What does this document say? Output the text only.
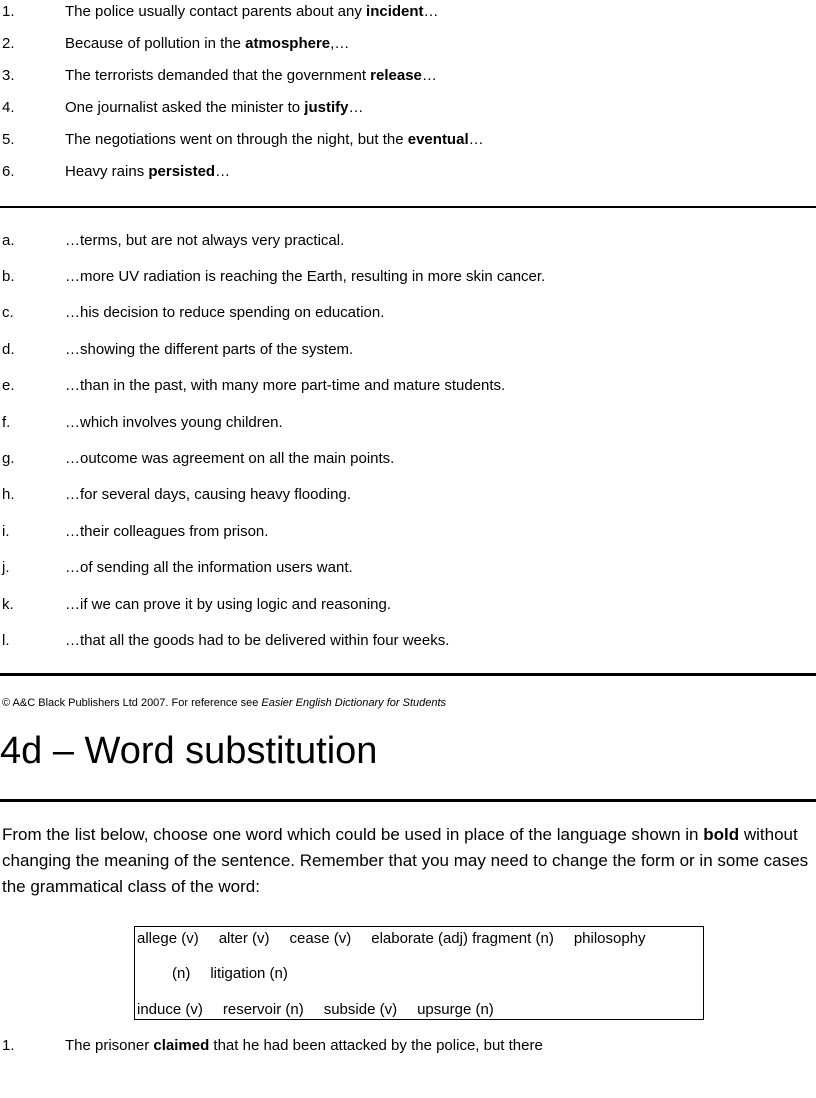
1.	The police usually contact parents about any incident…
2.	Because of pollution in the atmosphere,…
3.	The terrorists demanded that the government release…
4.	One journalist asked the minister to justify…
5.	The negotiations went on through the night, but the eventual…
6.	Heavy rains persisted…
a.	…terms, but are not always very practical.
b.	…more UV radiation is reaching the Earth, resulting in more skin cancer.
c.	…his decision to reduce spending on education.
d.	…showing the different parts of the system.
e.	…than in the past, with many more part-time and mature students.
f.	…which involves young children.
g.	…outcome was agreement on all the main points.
h.	…for several days, causing heavy flooding.
i.	…their colleagues from prison.
j.	…of sending all the information users want.
k.	…if we can prove it by using logic and reasoning.
l.	…that all the goods had to be delivered within four weeks.
© A&C Black Publishers Ltd 2007. For reference see Easier English Dictionary for Students
4d – Word substitution
From the list below, choose one word which could be used in place of the language shown in bold without changing the meaning of the sentence. Remember that you may need to change the form or in some cases the grammatical class of the word:
allege (v) alter (v) cease (v) elaborate (adj) fragment (n) philosophy
(n) litigation (n)
induce (v) reservoir (n) subside (v) upsurge (n)
1.	The prisoner claimed that he had been attacked by the police, but there
